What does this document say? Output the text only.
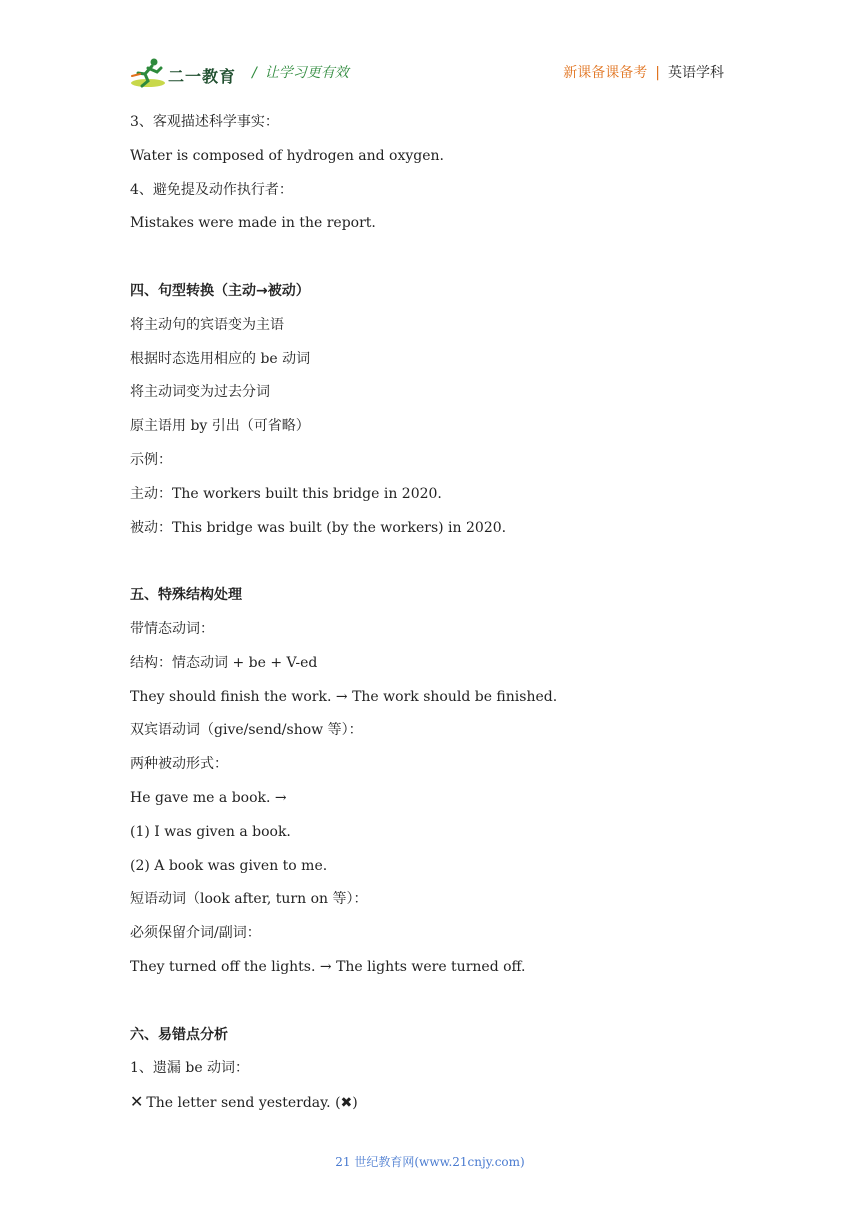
二一教育 / 让学习更有效	新课备课备考 | 英语学科
3、客观描述科学事实：
Water is composed of hydrogen and oxygen.
4、避免提及动作执行者：
Mistakes were made in the report.
四、句型转换（主动→被动）
将主动句的宾语变为主语
根据时态选用相应的 be 动词
将主动词变为过去分词
原主语用 by 引出（可省略）
示例：
主动：The workers built this bridge in 2020.
被动：This bridge was built (by the workers) in 2020.
五、特殊结构处理
带情态动词：
结构：情态动词 + be + V-ed
They should finish the work. → The work should be finished.
双宾语动词（give/send/show 等）：
两种被动形式：
He gave me a book. →
(1) I was given a book.
(2) A book was given to me.
短语动词（look after, turn on 等）：
必须保留介词/副词：
They turned off the lights. → The lights were turned off.
六、易错点分析
1、遗漏 be 动词：
✕ The letter send yesterday. (✖)
21 世纪教育网(www.21cnjy.com)
